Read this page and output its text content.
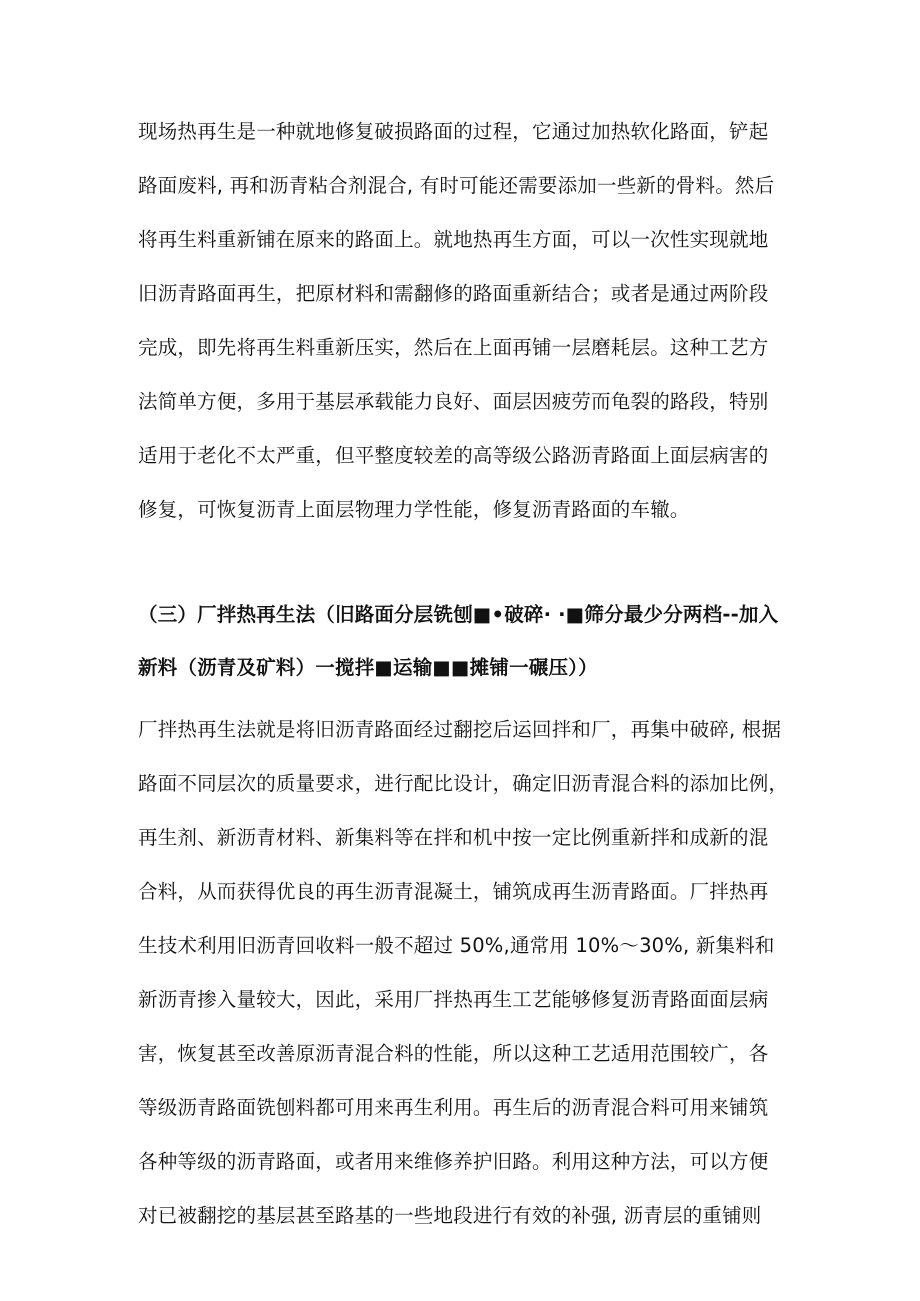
现场热再生是一种就地修复破损路面的过程，它通过加热软化路面，铲起
路面废料, 再和沥青粘合剂混合, 有时可能还需要添加一些新的骨料。然后
将再生料重新铺在原来的路面上。就地热再生方面，可以一次性实现就地
旧沥青路面再生，把原材料和需翻修的路面重新结合；或者是通过两阶段
完成，即先将再生料重新压实，然后在上面再铺一层磨耗层。这种工艺方
法简单方便，多用于基层承载能力良好、面层因疲劳而龟裂的路段，特别
适用于老化不太严重，但平整度较差的高等级公路沥青路面上面层病害的
修复，可恢复沥青上面层物理力学性能，修复沥青路面的车辙。
（三）厂拌热再生法（旧路面分层铣刨■•破碎· ·■筛分最少分两档--加入
新料（沥青及矿料）一搅拌■运输■■摊铺一碾压））
厂拌热再生法就是将旧沥青路面经过翻挖后运回拌和厂，再集中破碎, 根据
路面不同层次的质量要求，进行配比设计，确定旧沥青混合料的添加比例，
再生剂、新沥青材料、新集料等在拌和机中按一定比例重新拌和成新的混
合料，从而获得优良的再生沥青混凝土，铺筑成再生沥青路面。厂拌热再
生技术利用旧沥青回收料一般不超过 50%,通常用 10%～30%, 新集料和
新沥青掺入量较大，因此，采用厂拌热再生工艺能够修复沥青路面面层病
害，恢复甚至改善原沥青混合料的性能，所以这种工艺适用范围较广，各
等级沥青路面铣刨料都可用来再生利用。再生后的沥青混合料可用来铺筑
各种等级的沥青路面，或者用来维修养护旧路。利用这种方法，可以方便
对已被翻挖的基层甚至路基的一些地段进行有效的补强, 沥青层的重铺则
